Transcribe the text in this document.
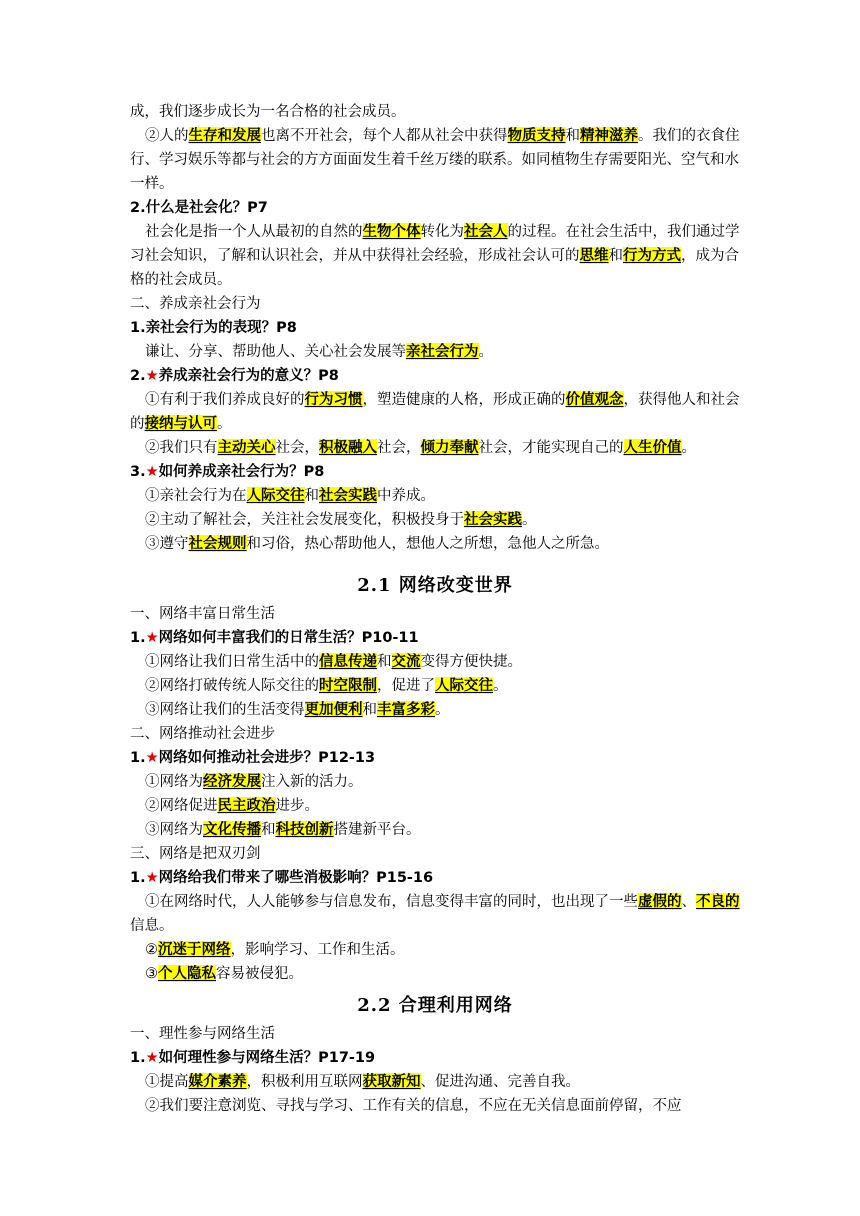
成，我们逐步成长为一名合格的社会成员。
②人的生存和发展也离不开社会，每个人都从社会中获得物质支持和精神滋养。我们的衣食住行、学习娱乐等都与社会的方方面面发生着千丝万缕的联系。如同植物生存需要阳光、空气和水一样。
2.什么是社会化？P7
社会化是指一个人从最初的自然的生物个体转化为社会人的过程。在社会生活中，我们通过学习社会知识，了解和认识社会，并从中获得社会经验，形成社会认可的思维和行为方式，成为合格的社会成员。
二、养成亲社会行为
1.亲社会行为的表现？P8
谦让、分享、帮助他人、关心社会发展等亲社会行为。
2.★养成亲社会行为的意义？P8
①有利于我们养成良好的行为习惯，塑造健康的人格，形成正确的价值观念，获得他人和社会的接纳与认可。
②我们只有主动关心社会，积极融入社会，倾力奉献社会，才能实现自己的人生价值。
3.★如何养成亲社会行为？P8
①亲社会行为在人际交往和社会实践中养成。
②主动了解社会，关注社会发展变化，积极投身于社会实践。
③遵守社会规则和习俗，热心帮助他人，想他人之所想，急他人之所急。
2.1 网络改变世界
一、网络丰富日常生活
1.★网络如何丰富我们的日常生活？P10-11
①网络让我们日常生活中的信息传递和交流变得方便快捷。
②网络打破传统人际交往的时空限制，促进了人际交往。
③网络让我们的生活变得更加便利和丰富多彩。
二、网络推动社会进步
1.★网络如何推动社会进步？P12-13
①网络为经济发展注入新的活力。
②网络促进民主政治进步。
③网络为文化传播和科技创新搭建新平台。
三、网络是把双刃剑
1.★网络给我们带来了哪些消极影响？P15-16
①在网络时代，人人能够参与信息发布，信息变得丰富的同时，也出现了一些虚假的、不良的信息。
②沉迷于网络，影响学习、工作和生活。
③个人隐私容易被侵犯。
2.2 合理利用网络
一、理性参与网络生活
1.★如何理性参与网络生活？P17-19
①提高媒介素养，积极利用互联网获取新知、促进沟通、完善自我。
②我们要注意浏览、寻找与学习、工作有关的信息，不应在无关信息面前停留，不应
